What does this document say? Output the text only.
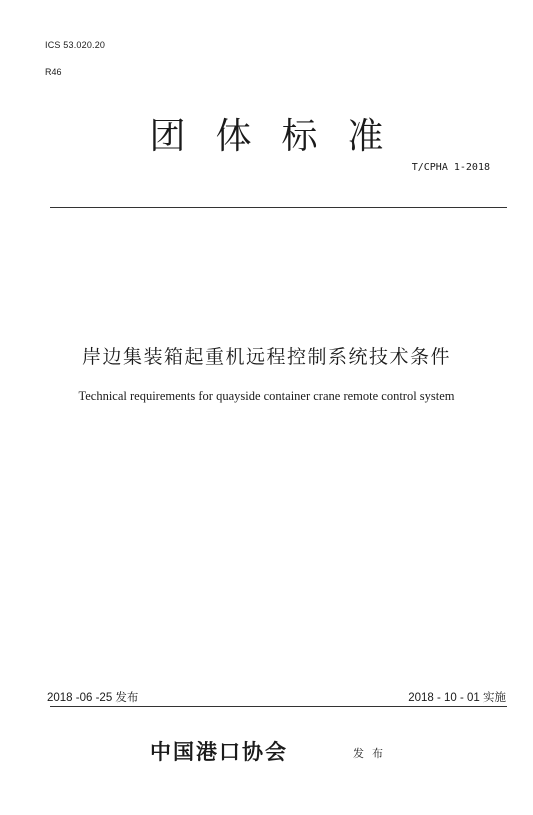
ICS 53.020.20
R46
团体标准
T/CPHA 1-2018
岸边集装箱起重机远程控制系统技术条件
Technical requirements for quayside container crane remote control system
2018 -06 -25 发布	2018 - 10 - 01 实施
中国港口协会	发布
